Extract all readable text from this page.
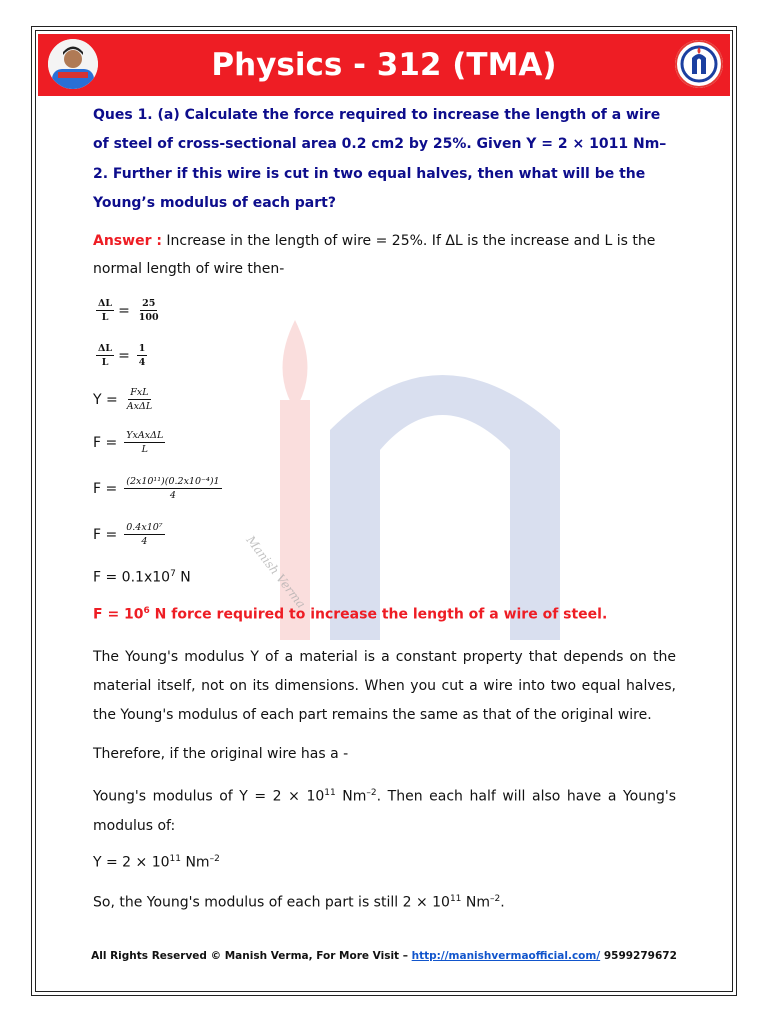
Physics - 312 (TMA)
Manish Verma
Ques 1. (a) Calculate the force required to increase the length of a wire of steel of cross-sectional area 0.2 cm2 by 25%. Given Y = 2 × 1011 Nm–2. Further if this wire is cut in two equal halves, then what will be the Young’s modulus of each part?
Answer : Increase in the length of wire = 25%. If ΔL is the increase and L is the normal length of wire then-
$\frac{\Delta L}{L} = \frac{25}{100}$
$\frac{\Delta L}{L} = \frac{1}{4}$
$Y = \frac{\text{FxL}}{\text{AxΔL}}$
$F = \frac{\text{YxAxΔL}}{L}$
$F = \frac{\text{(2x10¹¹)(0.2x10⁻⁴)1}}{4}$
$F = \frac{\text{0.4x10⁷}}{4}$
$F = 0.1x10^7$ N
$F = 10^6$ N force required to increase the length of a wire of steel.
The Young's modulus Y of a material is a constant property that depends on the material itself, not on its dimensions. When you cut a wire into two equal halves, the Young's modulus of each part remains the same as that of the original wire.
Therefore, if the original wire has a -
Young's modulus of $Y = 2 \times 10^{11}$ $Nm^{-2}$. Then each half will also have a Young's modulus of:
$Y = 2 \times 10^{11}$ $Nm^{-2}$
So, the Young's modulus of each part is still $2 \times 10^{11}$ $Nm^{-2}$.
All Rights Reserved © Manish Verma, For More Visit – http://manishvermaofficial.com/ 9599279672
